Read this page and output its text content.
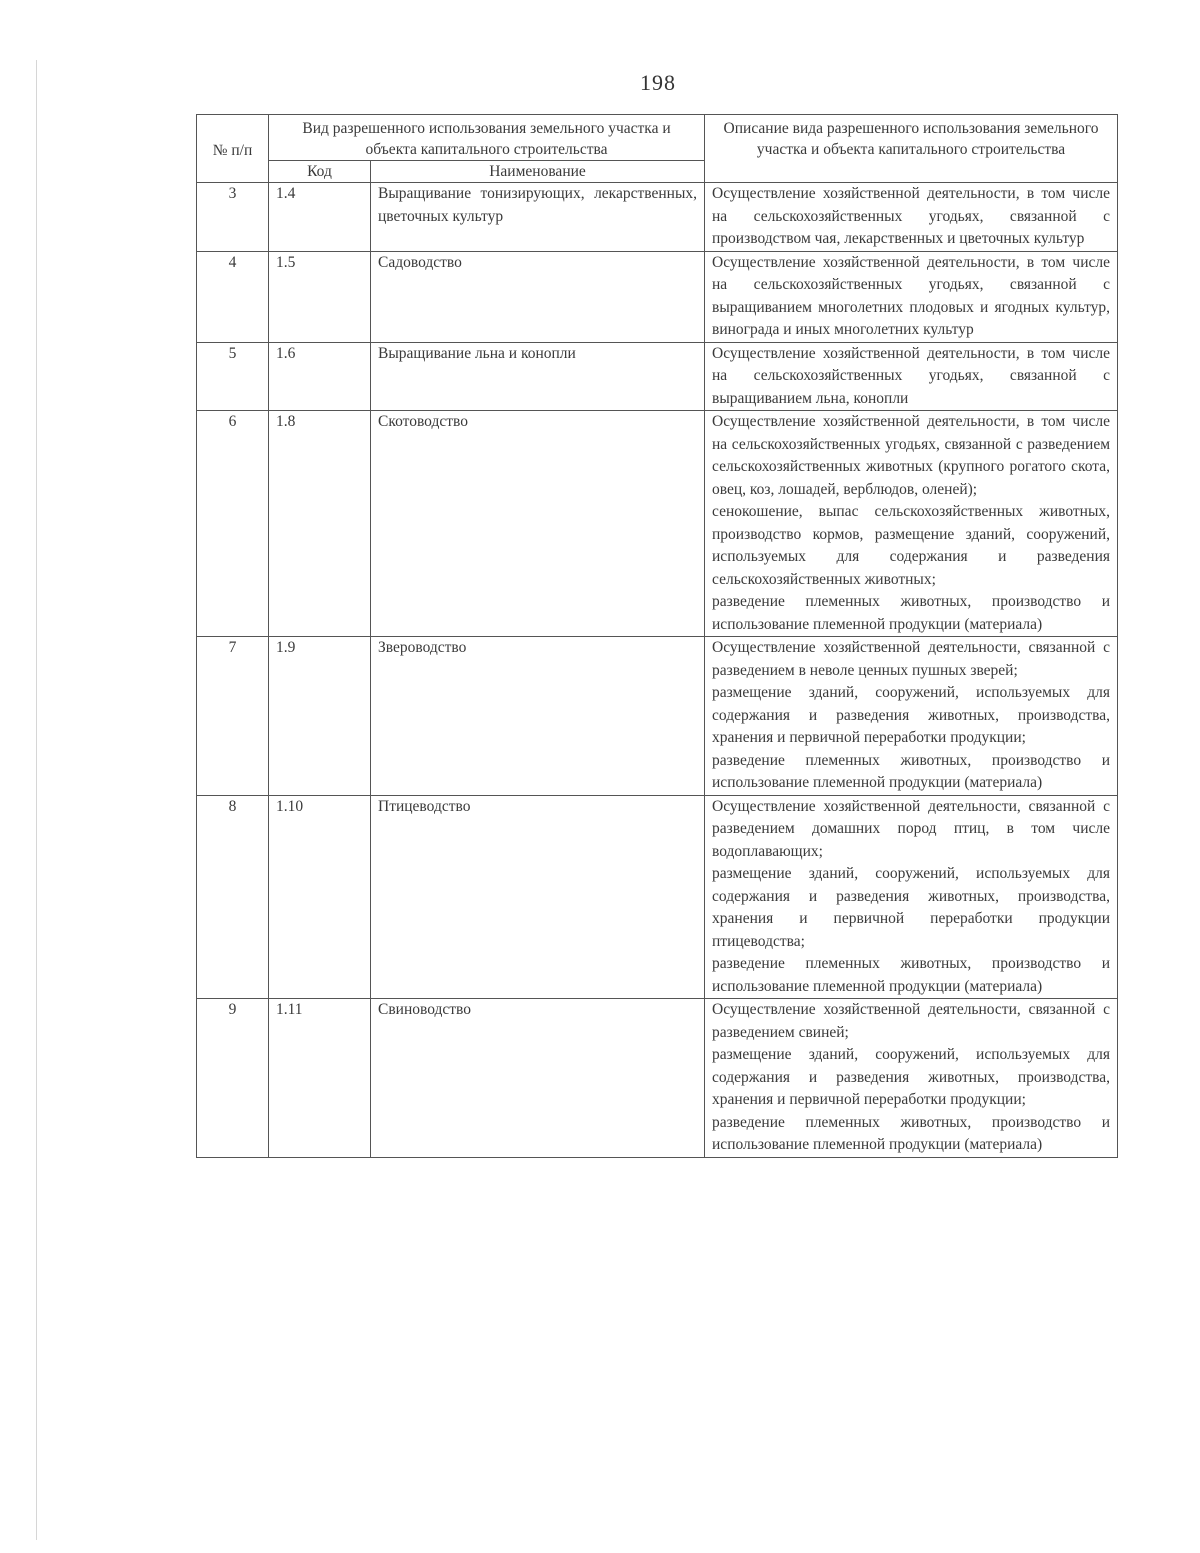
198
№ п/п	Вид разрешенного использования земельного участка и объекта капитального строительства		Описание вида разрешенного использования земельного участка и объекта капитального строительства
	Код	Наименование	
3	1.4	Выращивание тонизирующих, лекарственных, цветочных культур	Осуществление хозяйственной деятельности, в том числе на сельскохозяйственных угодьях, связанной с производством чая, лекарственных и цветочных культур

4	1.5	Садоводство	Осуществление хозяйственной деятельности, в том числе на сельскохозяйственных угодьях, связанной с выращиванием многолетних плодовых и ягодных культур, винограда и иных многолетних культур

5	1.6	Выращивание льна и конопли	Осуществление хозяйственной деятельности, в том числе на сельскохозяйственных угодьях, связанной с выращиванием льна, конопли

6	1.8	Скотоводство	Осуществление хозяйственной деятельности, в том числе на сельскохозяйственных угодьях, связанной с разведением сельскохозяйственных животных (крупного рогатого скота, овец, коз, лошадей, верблюдов, оленей);

сенокошение, выпас сельскохозяйственных животных, производство кормов, размещение зданий, сооружений, используемых для содержания и разведения сельскохозяйственных животных;

разведение племенных животных, производство и использование племенной продукции (материала)

7	1.9	Звероводство	Осуществление хозяйственной деятельности, связанной с разведением в неволе ценных пушных зверей;

размещение зданий, сооружений, используемых для содержания и разведения животных, производства, хранения и первичной переработки продукции;

разведение племенных животных, производство и использование племенной продукции (материала)

8	1.10	Птицеводство	Осуществление хозяйственной деятельности, связанной с разведением домашних пород птиц, в том числе водоплавающих;

размещение зданий, сооружений, используемых для содержания и разведения животных, производства, хранения и первичной переработки продукции птицеводства;

разведение племенных животных, производство и использование племенной продукции (материала)

9	1.11	Свиноводство	Осуществление хозяйственной деятельности, связанной с разведением свиней;

размещение зданий, сооружений, используемых для содержания и разведения животных, производства, хранения и первичной переработки продукции;

разведение племенных животных, производство и использование племенной продукции (материала)
